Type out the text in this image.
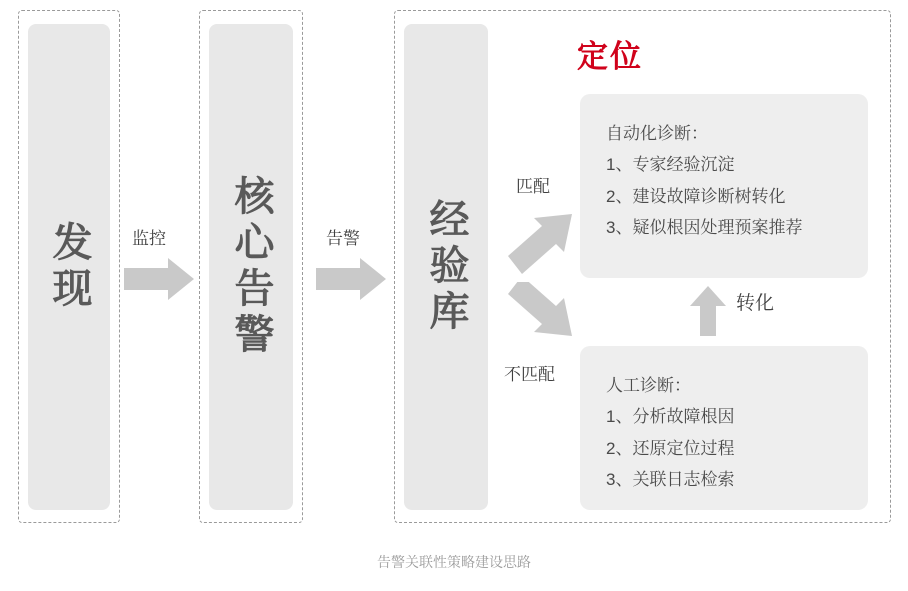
发现	核心告警	经验库
监控	告警
定位
匹配
不匹配
自动化诊断：
1、专家经验沉淀
2、建设故障诊断树转化
3、疑似根因处理预案推荐
人工诊断：
1、分析故障根因
2、还原定位过程
3、关联日志检索
转化
告警关联性策略建设思路
